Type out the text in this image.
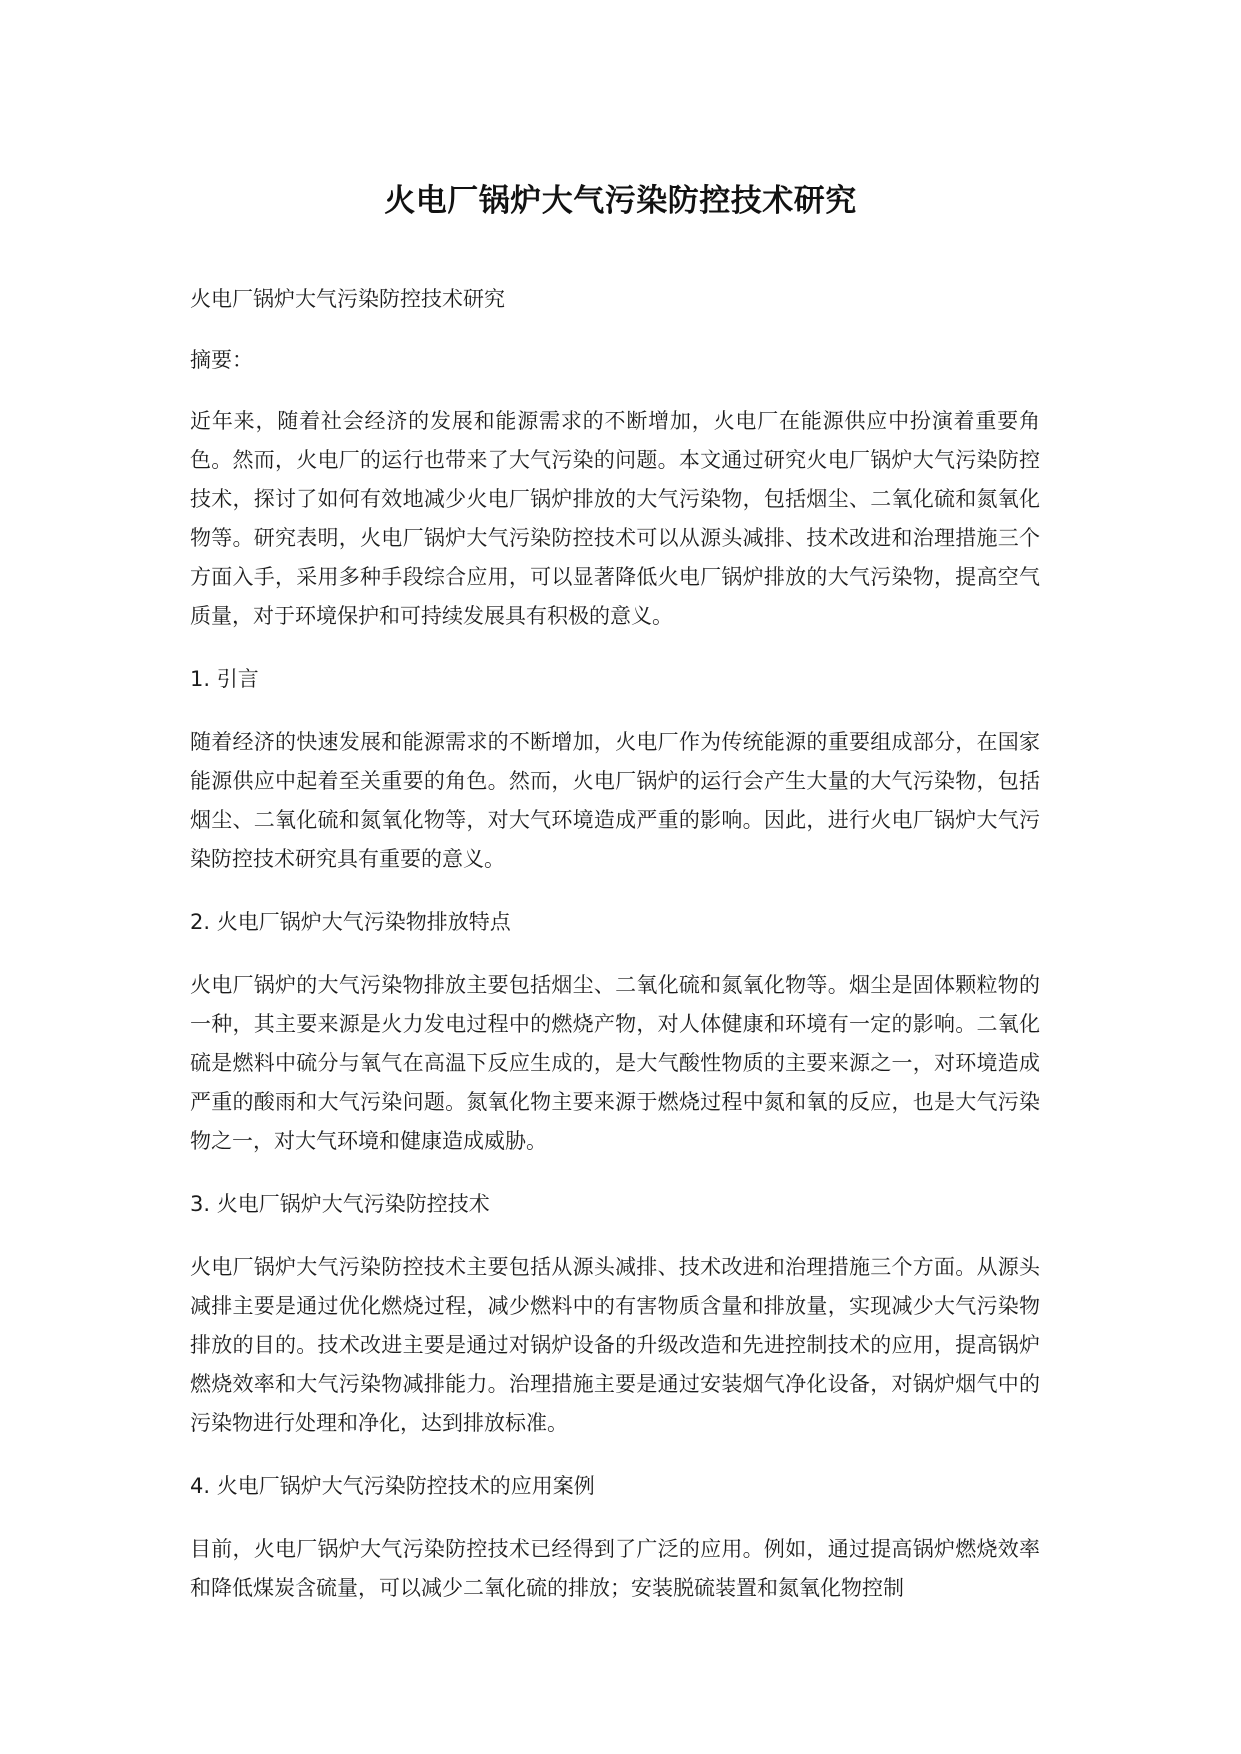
火电厂锅炉大气污染防控技术研究

火电厂锅炉大气污染防控技术研究

摘要：

近年来，随着社会经济的发展和能源需求的不断增加，火电厂在能源供应中扮演着重要角色。然而，火电厂的运行也带来了大气污染的问题。本文通过研究火电厂锅炉大气污染防控技术，探讨了如何有效地减少火电厂锅炉排放的大气污染物，包括烟尘、二氧化硫和氮氧化物等。研究表明，火电厂锅炉大气污染防控技术可以从源头减排、技术改进和治理措施三个方面入手，采用多种手段综合应用，可以显著降低火电厂锅炉排放的大气污染物，提高空气质量，对于环境保护和可持续发展具有积极的意义。

1. 引言

随着经济的快速发展和能源需求的不断增加，火电厂作为传统能源的重要组成部分，在国家能源供应中起着至关重要的角色。然而，火电厂锅炉的运行会产生大量的大气污染物，包括烟尘、二氧化硫和氮氧化物等，对大气环境造成严重的影响。因此，进行火电厂锅炉大气污染防控技术研究具有重要的意义。

2. 火电厂锅炉大气污染物排放特点

火电厂锅炉的大气污染物排放主要包括烟尘、二氧化硫和氮氧化物等。烟尘是固体颗粒物的一种，其主要来源是火力发电过程中的燃烧产物，对人体健康和环境有一定的影响。二氧化硫是燃料中硫分与氧气在高温下反应生成的，是大气酸性物质的主要来源之一，对环境造成严重的酸雨和大气污染问题。氮氧化物主要来源于燃烧过程中氮和氧的反应，也是大气污染物之一，对大气环境和健康造成威胁。

3. 火电厂锅炉大气污染防控技术

火电厂锅炉大气污染防控技术主要包括从源头减排、技术改进和治理措施三个方面。从源头减排主要是通过优化燃烧过程，减少燃料中的有害物质含量和排放量，实现减少大气污染物排放的目的。技术改进主要是通过对锅炉设备的升级改造和先进控制技术的应用，提高锅炉燃烧效率和大气污染物减排能力。治理措施主要是通过安装烟气净化设备，对锅炉烟气中的污染物进行处理和净化，达到排放标准。

4. 火电厂锅炉大气污染防控技术的应用案例

目前，火电厂锅炉大气污染防控技术已经得到了广泛的应用。例如，通过提高锅炉燃烧效率和降低煤炭含硫量，可以减少二氧化硫的排放；安装脱硫装置和氮氧化物控制
